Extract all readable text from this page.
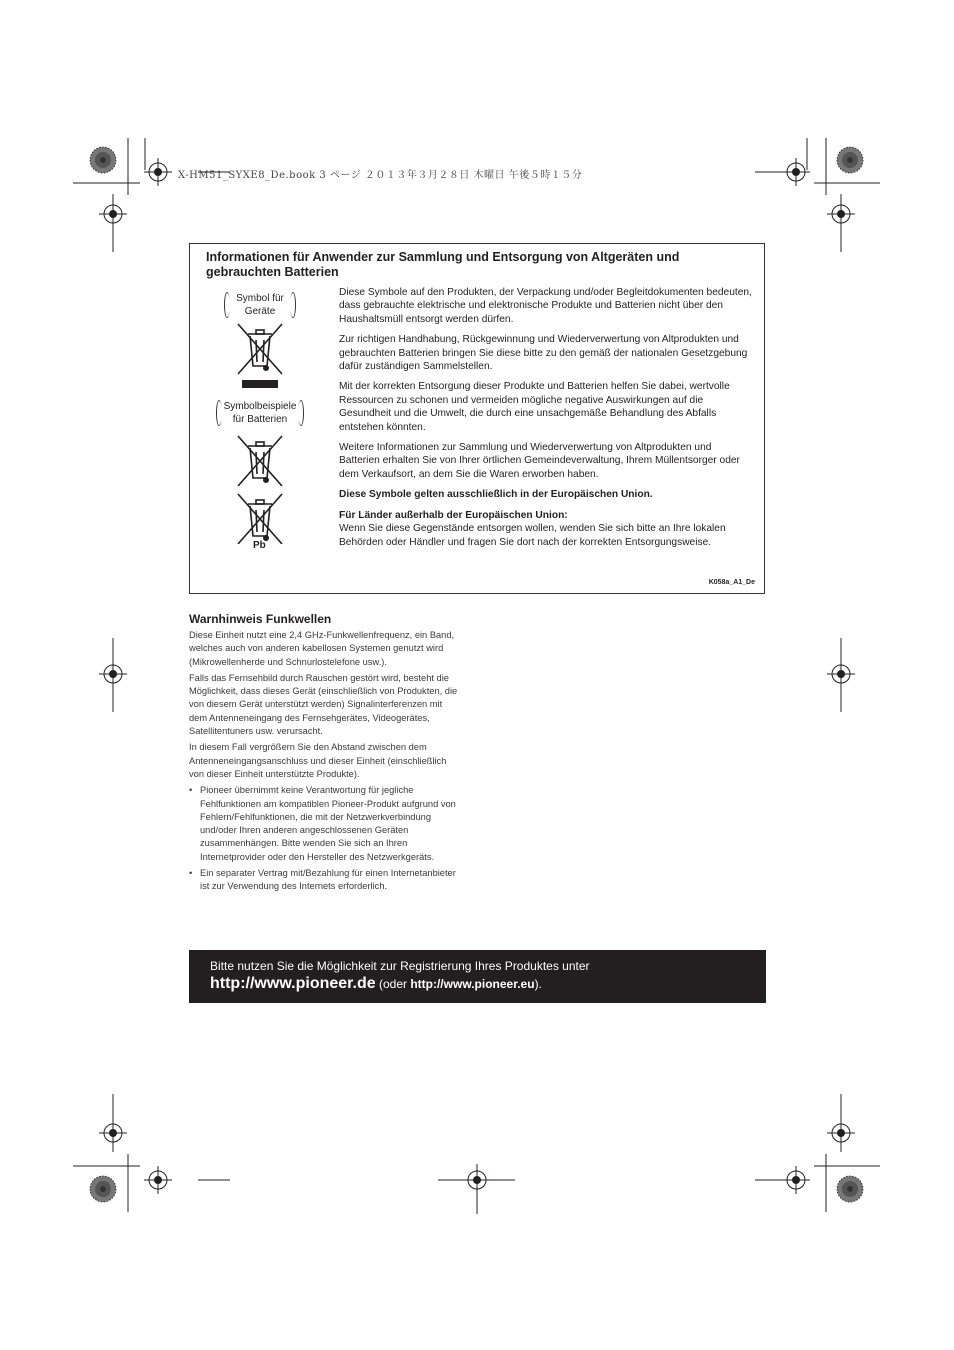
X-HM51_SYXE8_De.book 3 ページ ２０１３年３月２８日 木曜日 午後５時１５分
Informationen für Anwender zur Sammlung und Entsorgung von Altgeräten und gebrauchten Batterien
Symbol für
Geräte
Symbolbeispiele
für Batterien
Pb

Diese Symbole auf den Produkten, der Verpackung und/oder Begleitdokumenten bedeuten, dass gebrauchte elektrische und elektronische Produkte und Batterien nicht über den Haushaltsmüll entsorgt werden dürfen.

Zur richtigen Handhabung, Rückgewinnung und Wiederverwertung von Altprodukten und gebrauchten Batterien bringen Sie diese bitte zu den gemäß der nationalen Gesetzgebung dafür zuständigen Sammelstellen.

Mit der korrekten Entsorgung dieser Produkte und Batterien helfen Sie dabei, wertvolle Ressourcen zu schonen und vermeiden mögliche negative Auswirkungen auf die Gesundheit und die Umwelt, die durch eine unsachgemäße Behandlung des Abfalls entstehen könnten.

Weitere Informationen zur Sammlung und Wiederverwertung von Altprodukten und Batterien erhalten Sie von Ihrer örtlichen Gemeindeverwaltung, Ihrem Müllentsorger oder dem Verkaufsort, an dem Sie die Waren erworben haben.

Diese Symbole gelten ausschließlich in der Europäischen Union.

Für Länder außerhalb der Europäischen Union:

Wenn Sie diese Gegenstände entsorgen wollen, wenden Sie sich bitte an Ihre lokalen Behörden oder Händler und fragen Sie dort nach der korrekten Entsorgungsweise.

K058a_A1_De
Warnhinweis Funkwellen

Diese Einheit nutzt eine 2,4 GHz-Funkwellenfrequenz, ein Band, welches auch von anderen kabellosen Systemen genutzt wird (Mikrowellenherde und Schnurlostelefone usw.).

Falls das Fernsehbild durch Rauschen gestört wird, besteht die Möglichkeit, dass dieses Gerät (einschließlich von Produkten, die von diesem Gerät unterstützt werden) Signalinterferenzen mit dem Antenneneingang des Fernsehgerätes, Videogerätes, Satellitentuners usw. verursacht.

In diesem Fall vergrößern Sie den Abstand zwischen dem Antenneneingangsanschluss und dieser Einheit (einschließlich von dieser Einheit unterstützte Produkte).

• Pioneer übernimmt keine Verantwortung für jegliche Fehlfunktionen am kompatiblen Pioneer-Produkt aufgrund von Fehlern/Fehlfunktionen, die mit der Netzwerkverbindung und/oder Ihren anderen angeschlossenen Geräten zusammenhängen. Bitte wenden Sie sich an Ihren Internetprovider oder den Hersteller des Netzwerkgeräts.
• Ein separater Vertrag mit/Bezahlung für einen Internetanbieter ist zur Verwendung des Internets erforderlich.
Bitte nutzen Sie die Möglichkeit zur Registrierung Ihres Produktes unter
http://www.pioneer.de (oder http://www.pioneer.eu).
